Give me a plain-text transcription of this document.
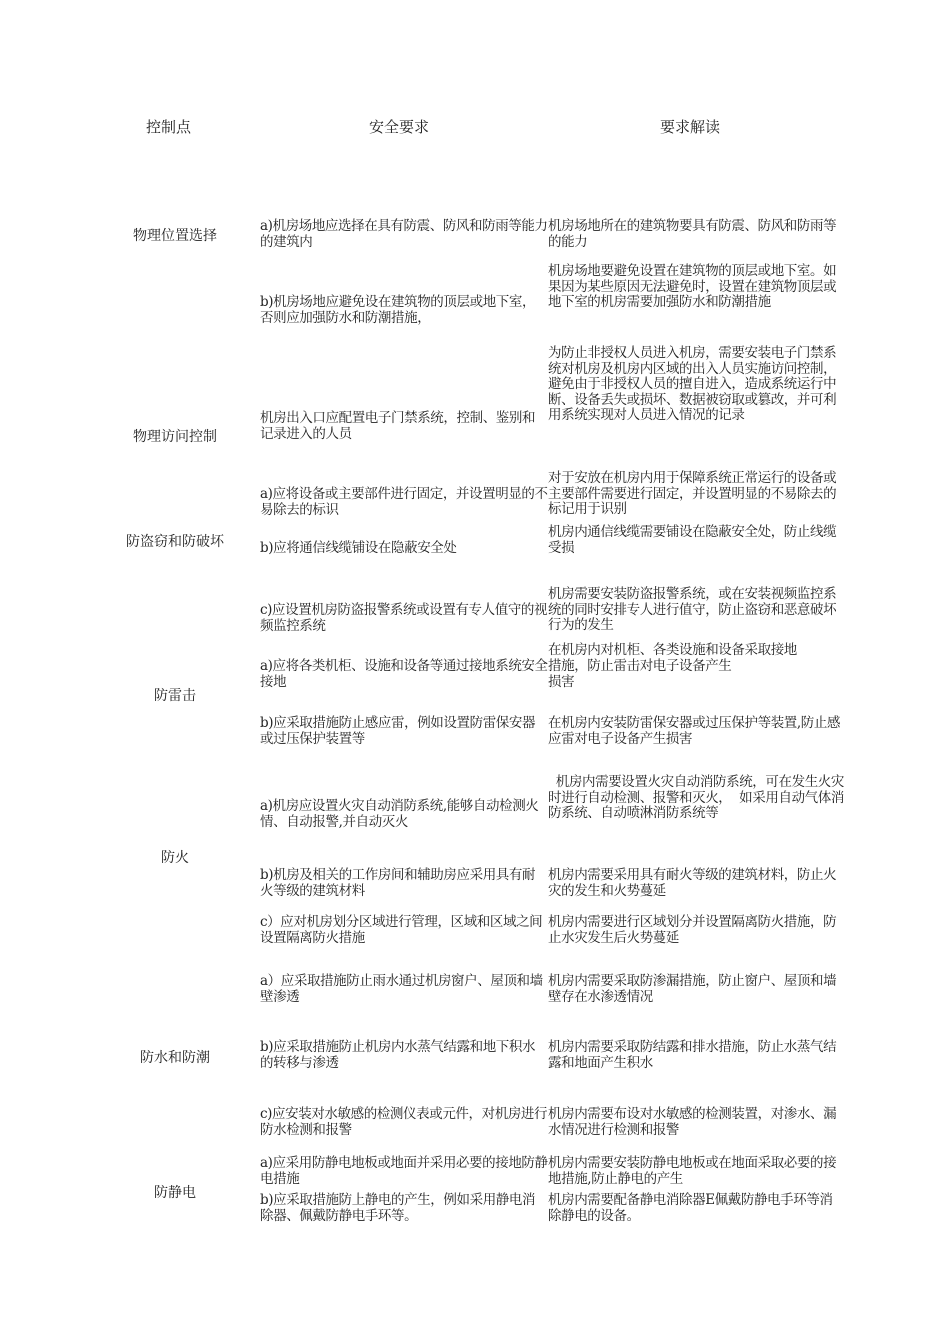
控制点	安全要求	要求解读
物理位置选择
物理访问控制
防盗窃和防破坏
防雷击
防火
防水和防潮
防静电
a)机房场地应选择在具有防震、防风和防雨等能力的建筑内
b)机房场地应避免设在建筑物的顶层或地下室，否则应加强防水和防潮措施，
机房出入口应配置电子门禁系统，控制、鉴别和记录进入的人员
a)应将设备或主要部件进行固定，并设置明显的不易除去的标识
b)应将通信线缆铺设在隐蔽安全处
c)应设置机房防盗报警系统或设置有专人值守的视频监控系统
a)应将各类机柜、设施和设备等通过接地系统安全接地
b)应采取措施防止感应雷，例如设置防雷保安器或过压保护装置等
a)机房应设置火灾自动消防系统,能够自动检测火情、自动报警,并自动灭火
b)机房及相关的工作房间和辅助房应采用具有耐火等级的建筑材料
c）应对机房划分区域进行管理，区域和区域之间设置隔离防火措施
a）应采取措施防止雨水通过机房窗户、屋顶和墙壁渗透
b)应采取措施防止机房内水蒸气结露和地下积水的转移与渗透
c)应安装对水敏感的检测仪表或元件，对机房进行防水检测和报警
a)应采用防静电地板或地面并采用必要的接地防静电措施
b)应采取措施防上静电的产生，例如采用静电消除器、佩戴防静电手环等。
机房场地所在的建筑物要具有防震、防风和防雨等的能力
机房场地要避免设置在建筑物的顶层或地下室。如果因为某些原因无法避免时，设置在建筑物顶层或地下室的机房需要加强防水和防潮措施
为防止非授权人员进入机房，需要安装电子门禁系统对机房及机房内区域的出入人员实施访问控制，避免由于非授权人员的擅自进入，造成系统运行中断、设备丢失或损坏、数据被窃取或篡改，并可利用系统实现对人员进入情况的记录
对于安放在机房内用于保障系统正常运行的设备或主要部件需要进行固定，并设置明显的不易除去的标记用于识别
机房内通信线缆需要铺设在隐蔽安全处，防止线缆受损
机房需要安装防盗报警系统，或在安装视频监控系统的同时安排专人进行值守，防止盗窃和恶意破坏行为的发生
在机房内对机柜、各类设施和设备采取接地措施，防止雷击对电子设备产生
损害
在机房内安装防雷保安器或过压保护等装置,防止感应雷对电子设备产生损害
机房内需要设置火灾自动消防系统，可在发生火灾时进行自动检测、报警和灭火，  如采用自动气体消防系统、自动喷淋消防系统等
机房内需要采用具有耐火等级的建筑材料，防止火灾的发生和火势蔓延
机房内需要进行区域划分并设置隔离防火措施，防止水灾发生后火势蔓延
机房内需要采取防渗漏措施，防止窗户、屋顶和墙壁存在水渗透情况
机房内需要采取防结露和排水措施，防止水蒸气结露和地面产生积水
机房内需要布设对水敏感的检测装置，对渗水、漏水情况进行检测和报警
机房内需要安装防静电地板或在地面采取必要的接地措施,防止静电的产生
机房内需要配备静电消除器E佩戴防静电手环等消除静电的设备。
